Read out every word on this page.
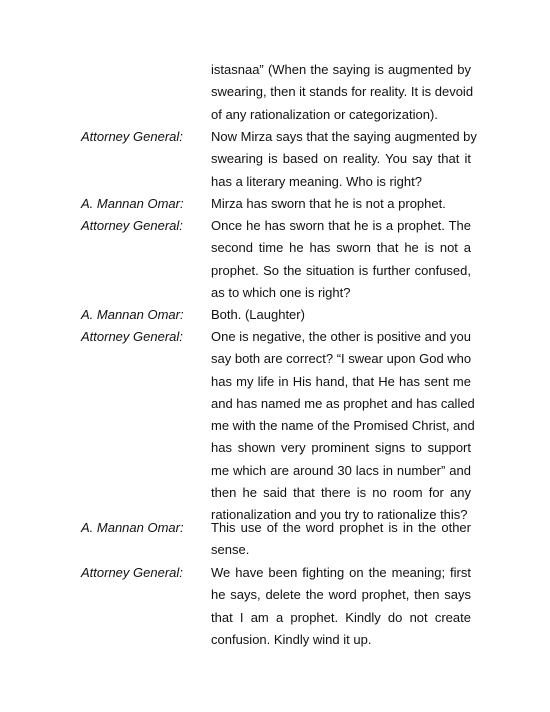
istasnaa” (When the saying is augmented by
swearing, then it stands for reality. It is devoid
of any rationalization or categorization).
Attorney General: Now Mirza says that the saying augmented by
swearing is based on reality. You say that it
has a literary meaning. Who is right?
A. Mannan Omar: Mirza has sworn that he is not a prophet.
Attorney General: Once he has sworn that he is a prophet. The
second time he has sworn that he is not a
prophet. So the situation is further confused,
as to which one is right?
A. Mannan Omar: Both. (Laughter)
Attorney General: One is negative, the other is positive and you
say both are correct? “I swear upon God who
has my life in His hand, that He has sent me
and has named me as prophet and has called
me with the name of the Promised Christ, and
has shown very prominent signs to support
me which are around 30 lacs in number” and
then he said that there is no room for any
rationalization and you try to rationalize this?
A. Mannan Omar: This use of the word prophet is in the other
sense.
Attorney General: We have been fighting on the meaning; first
he says, delete the word prophet, then says
that I am a prophet. Kindly do not create
confusion. Kindly wind it up.
